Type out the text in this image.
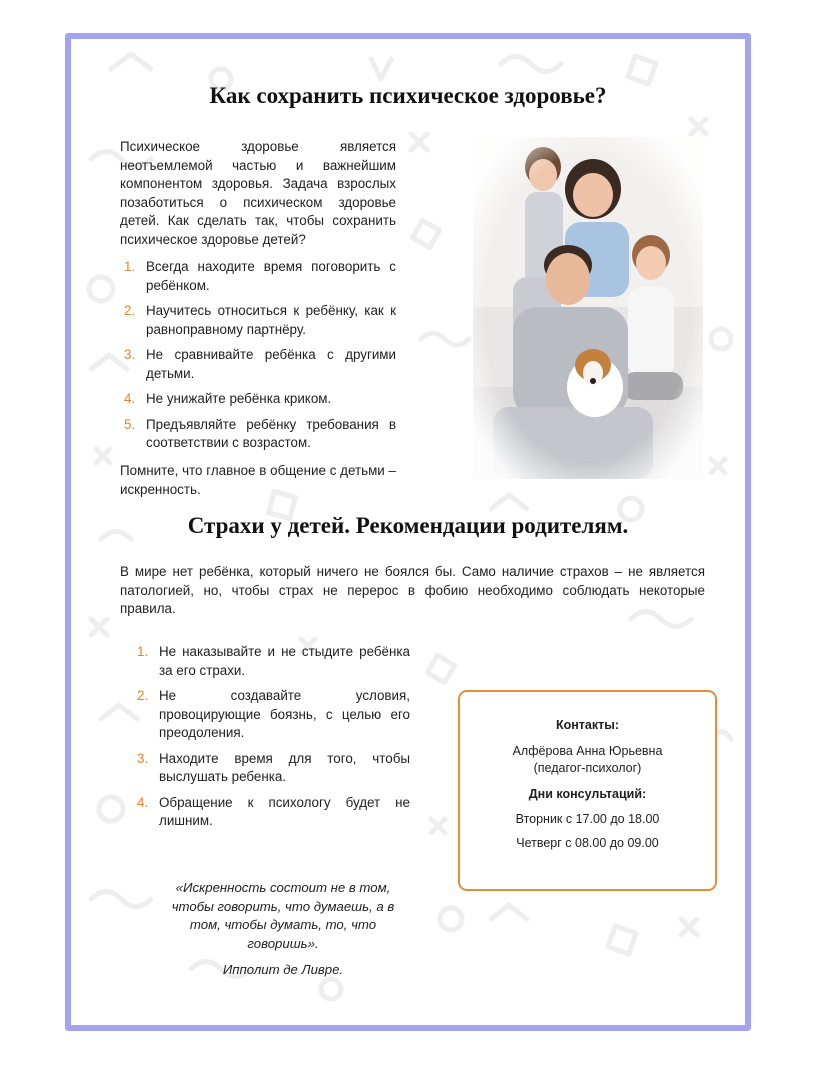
Как сохранить психическое здоровье?
Психическое здоровье является неотъемлемой частью и важнейшим компонентом здоровья. Задача взрослых позаботиться о психическом здоровье детей. Как сделать так, чтобы сохранить психическое здоровье детей?
1. Всегда находите время поговорить с ребёнком.
2. Научитесь относиться к ребёнку, как к равноправному партнёру.
3. Не сравнивайте ребёнка с другими детьми.
4. Не унижайте ребёнка криком.
5. Предъявляйте ребёнку требования в соответствии с возрастом.
Помните, что главное в общение с детьми – искренность.
Страхи у детей. Рекомендации родителям.
В мире нет ребёнка, который ничего не боялся бы. Само наличие страхов – не является патологией, но, чтобы страх не перерос в фобию необходимо соблюдать некоторые правила.
1. Не наказывайте и не стыдите ребёнка за его страхи.
2. Не создавайте условия, провоцирующие боязнь, с целью его преодоления.
3. Находите время для того, чтобы выслушать ребенка.
4. Обращение к психологу будет не лишним.
Контакты:
Алфёрова Анна Юрьевна
(педагог-психолог)
Дни консультаций:
Вторник с 17.00 до 18.00
Четверг с 08.00 до 09.00
«Искренность состоит не в том, чтобы говорить, что думаешь, а в том, чтобы думать, то, что говоришь».
Ипполит де Ливре.
